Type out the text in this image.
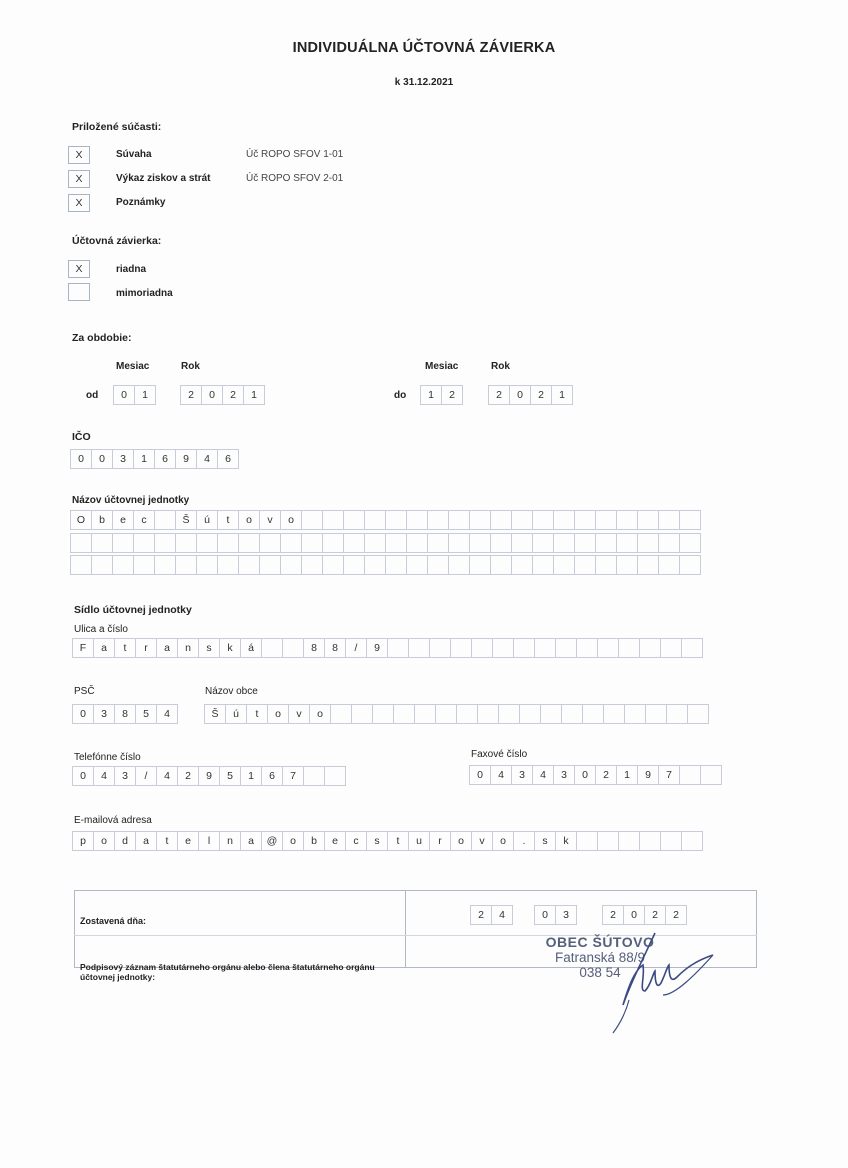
INDIVIDUÁLNA ÚČTOVNÁ ZÁVIERKA
k 31.12.2021
Priložené súčasti:
X	Súvaha	Úč ROPO SFOV 1-01
X	Výkaz ziskov a strát	Úč ROPO SFOV 2-01
X	Poznámky
Účtovná závierka:
X	riadna
mimoriadna
Za obdobie:
Mesiac	Rok
od	0	1	2	0	2	1
Mesiac	Rok
do	1	2	2	0	2	1
IČO
0	0	3	1	6	9	4	6
Názov účtovnej jednotky
O	b	e	c	Š	ú	t	o	v	o
Sídlo účtovnej jednotky
Ulica a číslo
F	a	t	r	a	n	s	k	á	8	8	/	9
PSČ
0	3	8	5	4
Názov obce
Š	ú	t	o	v	o
Telefónne číslo
0	4	3	/	4	2	9	5	1	6	7
Faxové číslo
0	4	3	4	3	0	2	1	9	7
E-mailová adresa
p	o	d	a	t	e	l	n	a	@	o	b	e	c	s	t	u	r	o	v	o	.	s	k
Zostavená dňa:	2	4	0	3	2	0	2	2
Podpisový záznam štatutárneho orgánu alebo člena štatutárneho orgánu účtovnej jednotky:
OBEC ŠÚTOVO
Fatranská 88/9
038 54
